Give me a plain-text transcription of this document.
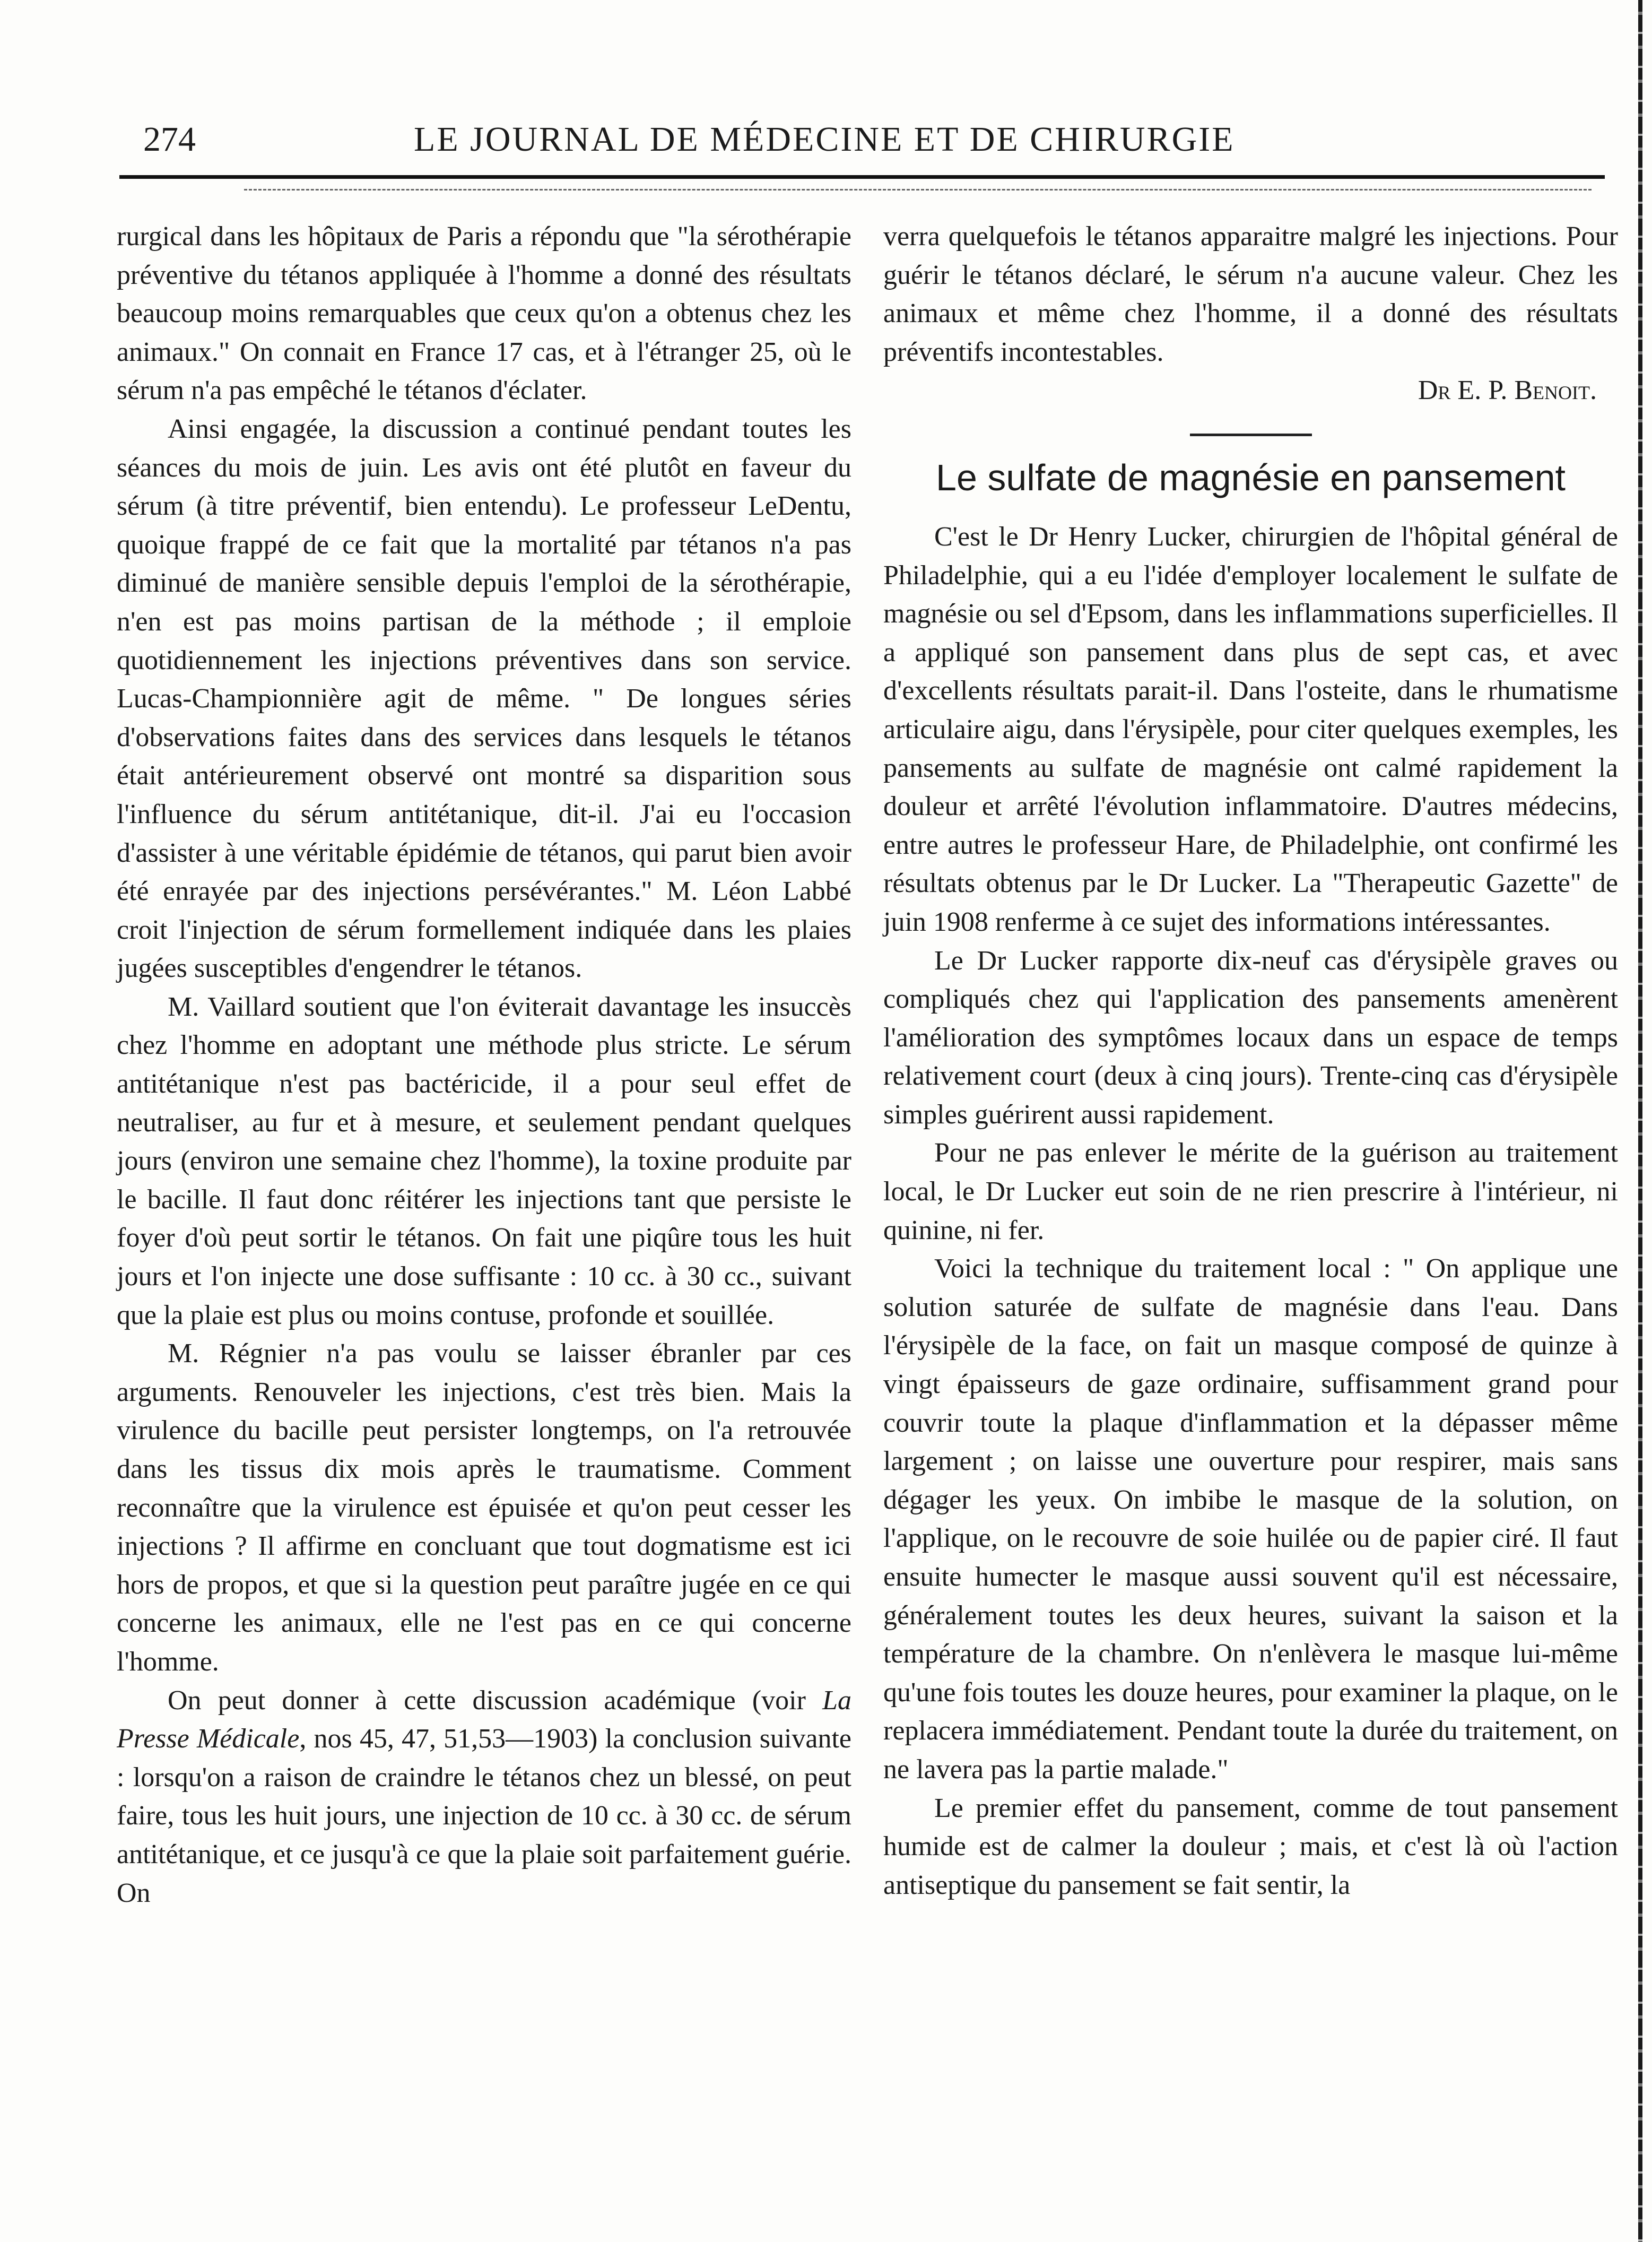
274	LE JOURNAL DE MÉDECINE ET DE CHIRURGIE

rurgical dans les hôpitaux de Paris a répondu que "la sérothérapie préventive du tétanos appliquée à l'homme a donné des résultats beaucoup moins remarquables que ceux qu'on a obtenus chez les animaux." On connait en France 17 cas, et à l'étranger 25, où le sérum n'a pas empêché le tétanos d'éclater.

Ainsi engagée, la discussion a continué pendant toutes les séances du mois de juin. Les avis ont été plutôt en faveur du sérum (à titre préventif, bien entendu). Le professeur LeDentu, quoique frappé de ce fait que la mortalité par tétanos n'a pas diminué de manière sensible depuis l'emploi de la sérothérapie, n'en est pas moins partisan de la méthode ; il emploie quotidiennement les injections préventives dans son service. Lucas-Championnière agit de même. " De longues séries d'observations faites dans des services dans lesquels le tétanos était antérieurement observé ont montré sa disparition sous l'influence du sérum antitétanique, dit-il. J'ai eu l'occasion d'assister à une véritable épidémie de tétanos, qui parut bien avoir été enrayée par des injections persévérantes." M. Léon Labbé croit l'injection de sérum formellement indiquée dans les plaies jugées susceptibles d'engendrer le tétanos.

M. Vaillard soutient que l'on éviterait davantage les insuccès chez l'homme en adoptant une méthode plus stricte. Le sérum antitétanique n'est pas bactéricide, il a pour seul effet de neutraliser, au fur et à mesure, et seulement pendant quelques jours (environ une semaine chez l'homme), la toxine produite par le bacille. Il faut donc réitérer les injections tant que persiste le foyer d'où peut sortir le tétanos. On fait une piqûre tous les huit jours et l'on injecte une dose suffisante : 10 cc. à 30 cc., suivant que la plaie est plus ou moins contuse, profonde et souillée.

M. Régnier n'a pas voulu se laisser ébranler par ces arguments. Renouveler les injections, c'est très bien. Mais la virulence du bacille peut persister longtemps, on l'a retrouvée dans les tissus dix mois après le traumatisme. Comment reconnaître que la virulence est épuisée et qu'on peut cesser les injections ? Il affirme en concluant que tout dogmatisme est ici hors de propos, et que si la question peut paraître jugée en ce qui concerne les animaux, elle ne l'est pas en ce qui concerne l'homme.

On peut donner à cette discussion académique (voir La Presse Médicale, nos 45, 47, 51,53—1903) la conclusion suivante : lorsqu'on a raison de craindre le tétanos chez un blessé, on peut faire, tous les huit jours, une injection de 10 cc. à 30 cc. de sérum antitétanique, et ce jusqu'à ce que la plaie soit parfaitement guérie. On

verra quelquefois le tétanos apparaitre malgré les injections. Pour guérir le tétanos déclaré, le sérum n'a aucune valeur. Chez les animaux et même chez l'homme, il a donné des résultats préventifs incontestables.

Dr E. P. Benoit.

Le sulfate de magnésie en pansement

C'est le Dr Henry Lucker, chirurgien de l'hôpital général de Philadelphie, qui a eu l'idée d'employer localement le sulfate de magnésie ou sel d'Epsom, dans les inflammations superficielles. Il a appliqué son pansement dans plus de sept cas, et avec d'excellents résultats parait-il. Dans l'osteite, dans le rhumatisme articulaire aigu, dans l'érysipèle, pour citer quelques exemples, les pansements au sulfate de magnésie ont calmé rapidement la douleur et arrêté l'évolution inflammatoire. D'autres médecins, entre autres le professeur Hare, de Philadelphie, ont confirmé les résultats obtenus par le Dr Lucker. La "Therapeutic Gazette" de juin 1908 renferme à ce sujet des informations intéressantes.

Le Dr Lucker rapporte dix-neuf cas d'érysipèle graves ou compliqués chez qui l'application des pansements amenèrent l'amélioration des symptômes locaux dans un espace de temps relativement court (deux à cinq jours). Trente-cinq cas d'érysipèle simples guérirent aussi rapidement.

Pour ne pas enlever le mérite de la guérison au traitement local, le Dr Lucker eut soin de ne rien prescrire à l'intérieur, ni quinine, ni fer.

Voici la technique du traitement local : " On applique une solution saturée de sulfate de magnésie dans l'eau. Dans l'érysipèle de la face, on fait un masque composé de quinze à vingt épaisseurs de gaze ordinaire, suffisamment grand pour couvrir toute la plaque d'inflammation et la dépasser même largement ; on laisse une ouverture pour respirer, mais sans dégager les yeux. On imbibe le masque de la solution, on l'applique, on le recouvre de soie huilée ou de papier ciré. Il faut ensuite humecter le masque aussi souvent qu'il est nécessaire, généralement toutes les deux heures, suivant la saison et la température de la chambre. On n'enlèvera le masque lui-même qu'une fois toutes les douze heures, pour examiner la plaque, on le replacera immédiatement. Pendant toute la durée du traitement, on ne lavera pas la partie malade."

Le premier effet du pansement, comme de tout pansement humide est de calmer la douleur ; mais, et c'est là où l'action antiseptique du pansement se fait sentir, la
